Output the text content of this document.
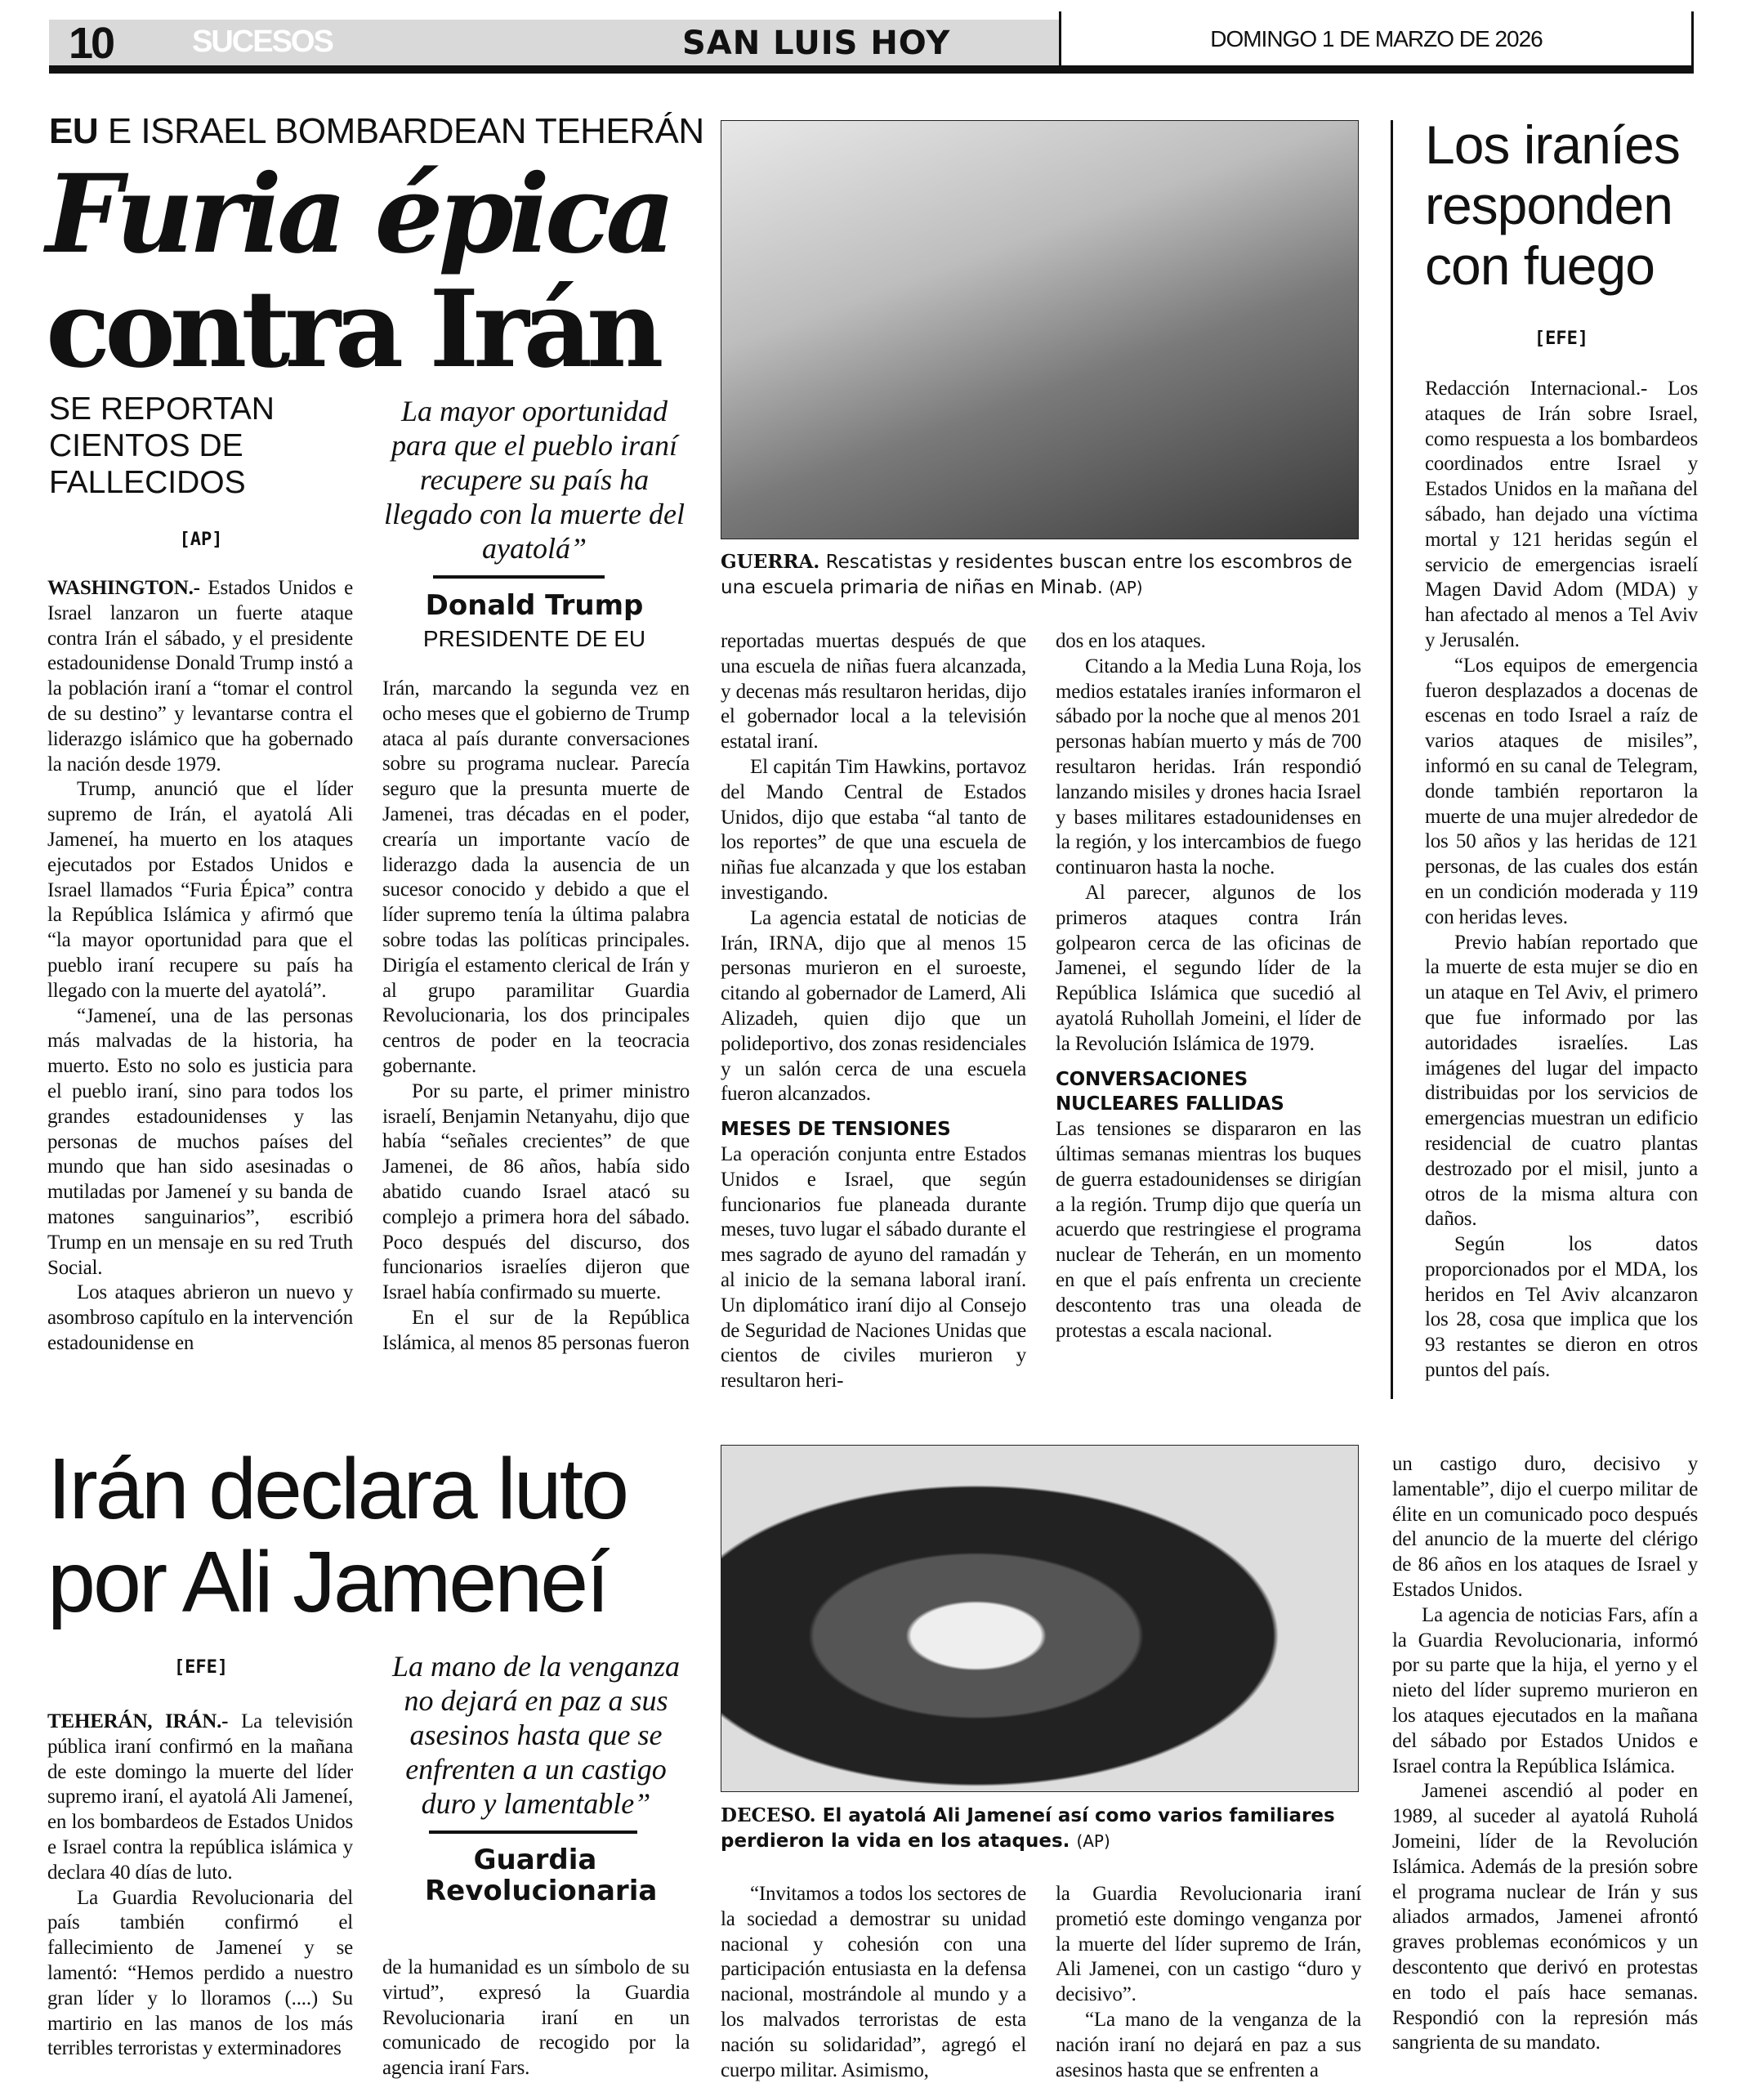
DOMINGO 1 DE MARZO DE 2026
10	SUCESOS	SAN LUIS HOY
EU E ISRAEL BOMBARDEAN TEHERÁN
Furia épica
contra Irán
SE REPORTAN CIENTOS DE FALLECIDOS
[AP]

WASHINGTON.- Estados Unidos e Israel lanzaron un fuerte ataque contra Irán el sábado, y el presidente estadounidense Donald Trump instó a la población iraní a “tomar el control de su destino” y levantarse contra el liderazgo islámico que ha gobernado la nación desde 1979.

Trump, anunció que el líder supremo de Irán, el ayatolá Ali Jameneí, ha muerto en los ataques ejecutados por Estados Unidos e Israel llamados “Furia Épica” contra la República Islámica y afirmó que “la mayor oportunidad para que el pueblo iraní recupere su país ha llegado con la muerte del ayatolá”.

“Jameneí, una de las personas más malvadas de la historia, ha muerto. Esto no solo es justicia para el pueblo iraní, sino para todos los grandes estadounidenses y las personas de muchos países del mundo que han sido asesinadas o mutiladas por Jameneí y su banda de matones sanguinarios”, escribió Trump en un mensaje en su red Truth Social.

Los ataques abrieron un nuevo y asombroso capítulo en la intervención estadounidense en

La mayor oportunidad para que el pueblo iraní recupere su país ha llegado con la muerte del ayatolá”
Donald Trump
PRESIDENTE DE EU

Irán, marcando la segunda vez en ocho meses que el gobierno de Trump ataca al país durante conversaciones sobre su programa nuclear. Parecía seguro que la presunta muerte de Jamenei, tras décadas en el poder, crearía un importante vacío de liderazgo dada la ausencia de un sucesor conocido y debido a que el líder supremo tenía la última palabra sobre todas las políticas principales. Dirigía el estamento clerical de Irán y al grupo paramilitar Guardia Revolucionaria, los dos principales centros de poder en la teocracia gobernante.

Por su parte, el primer ministro israelí, Benjamin Netanyahu, dijo que había “señales crecientes” de que Jamenei, de 86 años, había sido abatido cuando Israel atacó su complejo a primera hora del sábado. Poco después del discurso, dos funcionarios israelíes dijeron que Israel había confirmado su muerte.

En el sur de la República Islámica, al menos 85 personas fueron

GUERRA. Rescatistas y residentes buscan entre los escombros de una escuela primaria de niñas en Minab. (AP)

reportadas muertas después de que una escuela de niñas fuera alcanzada, y decenas más resultaron heridas, dijo el gobernador local a la televisión estatal iraní.

El capitán Tim Hawkins, portavoz del Mando Central de Estados Unidos, dijo que estaba “al tanto de los reportes” de que una escuela de niñas fue alcanzada y que los estaban investigando.

La agencia estatal de noticias de Irán, IRNA, dijo que al menos 15 personas murieron en el suroeste, citando al gobernador de Lamerd, Ali Alizadeh, quien dijo que un polideportivo, dos zonas residenciales y un salón cerca de una escuela fueron alcanzados.

MESES DE TENSIONES

La operación conjunta entre Estados Unidos e Israel, que según funcionarios fue planeada durante meses, tuvo lugar el sábado durante el mes sagrado de ayuno del ramadán y al inicio de la semana laboral iraní. Un diplomático iraní dijo al Consejo de Seguridad de Naciones Unidas que cientos de civiles murieron y resultaron heri-

dos en los ataques.

Citando a la Media Luna Roja, los medios estatales iraníes informaron el sábado por la noche que al menos 201 personas habían muerto y más de 700 resultaron heridas. Irán respondió lanzando misiles y drones hacia Israel y bases militares estadounidenses en la región, y los intercambios de fuego continuaron hasta la noche.

Al parecer, algunos de los primeros ataques contra Irán golpearon cerca de las oficinas de Jamenei, el segundo líder de la República Islámica que sucedió al ayatolá Ruhollah Jomeini, el líder de la Revolución Islámica de 1979.

CONVERSACIONES NUCLEARES FALLIDAS

Las tensiones se dispararon en las últimas semanas mientras los buques de guerra estadounidenses se dirigían a la región. Trump dijo que quería un acuerdo que restringiese el programa nuclear de Teherán, en un momento en que el país enfrenta un creciente descontento tras una oleada de protestas a escala nacional.

Los iraníes responden con fuego
[EFE]

Redacción Internacional.- Los ataques de Irán sobre Israel, como respuesta a los bombardeos coordinados entre Israel y Estados Unidos en la mañana del sábado, han dejado una víctima mortal y 121 heridas según el servicio de emergencias israelí Magen David Adom (MDA) y han afectado al menos a Tel Aviv y Jerusalén.

“Los equipos de emergencia fueron desplazados a docenas de escenas en todo Israel a raíz de varios ataques de misiles”, informó en su canal de Telegram, donde también reportaron la muerte de una mujer alrededor de los 50 años y las heridas de 121 personas, de las cuales dos están en un condición moderada y 119 con heridas leves.

Previo habían reportado que la muerte de esta mujer se dio en un ataque en Tel Aviv, el primero que fue informado por las autoridades israelíes. Las imágenes del lugar del impacto distribuidas por los servicios de emergencias muestran un edificio residencial de cuatro plantas destrozado por el misil, junto a otros de la misma altura con daños.

Según los datos proporcionados por el MDA, los heridos en Tel Aviv alcanzaron los 28, cosa que implica que los 93 restantes se dieron en otros puntos del país.

Irán declara luto por Ali Jameneí
[EFE]

TEHERÁN, IRÁN.- La televisión pública iraní confirmó en la mañana de este domingo la muerte del líder supremo iraní, el ayatolá Ali Jameneí, en los bombardeos de Estados Unidos e Israel contra la república islámica y declara 40 días de luto.

La Guardia Revolucionaria del país también confirmó el fallecimiento de Jameneí y se lamentó: “Hemos perdido a nuestro gran líder y lo lloramos (....) Su martirio en las manos de los más terribles terroristas y exterminadores

La mano de la venganza no dejará en paz a sus asesinos hasta que se enfrenten a un castigo duro y lamentable”
Guardia Revolucionaria

de la humanidad es un símbolo de su virtud”, expresó la Guardia Revolucionaria iraní en un comunicado de recogido por la agencia iraní Fars.

DECESO. El ayatolá Ali Jameneí así como varios familiares perdieron la vida en los ataques. (AP)

“Invitamos a todos los sectores de la sociedad a demostrar su unidad nacional y cohesión con una participación entusiasta en la defensa nacional, mostrándole al mundo y a los malvados terroristas de esta nación su solidaridad”, agregó el cuerpo militar. Asimismo,

la Guardia Revolucionaria iraní prometió este domingo venganza por la muerte del líder supremo de Irán, Ali Jamenei, con un castigo “duro y decisivo”.

“La mano de la venganza de la nación iraní no dejará en paz a sus asesinos hasta que se enfrenten a

un castigo duro, decisivo y lamentable”, dijo el cuerpo militar de élite en un comunicado poco después del anuncio de la muerte del clérigo de 86 años en los ataques de Israel y Estados Unidos.

La agencia de noticias Fars, afín a la Guardia Revolucionaria, informó por su parte que la hija, el yerno y el nieto del líder supremo murieron en los ataques ejecutados en la mañana del sábado por Estados Unidos e Israel contra la República Islámica.

Jamenei ascendió al poder en 1989, al suceder al ayatolá Ruholá Jomeini, líder de la Revolución Islámica. Además de la presión sobre el programa nuclear de Irán y sus aliados armados, Jamenei afrontó graves problemas económicos y un descontento que derivó en protestas en todo el país hace semanas. Respondió con la represión más sangrienta de su mandato.
